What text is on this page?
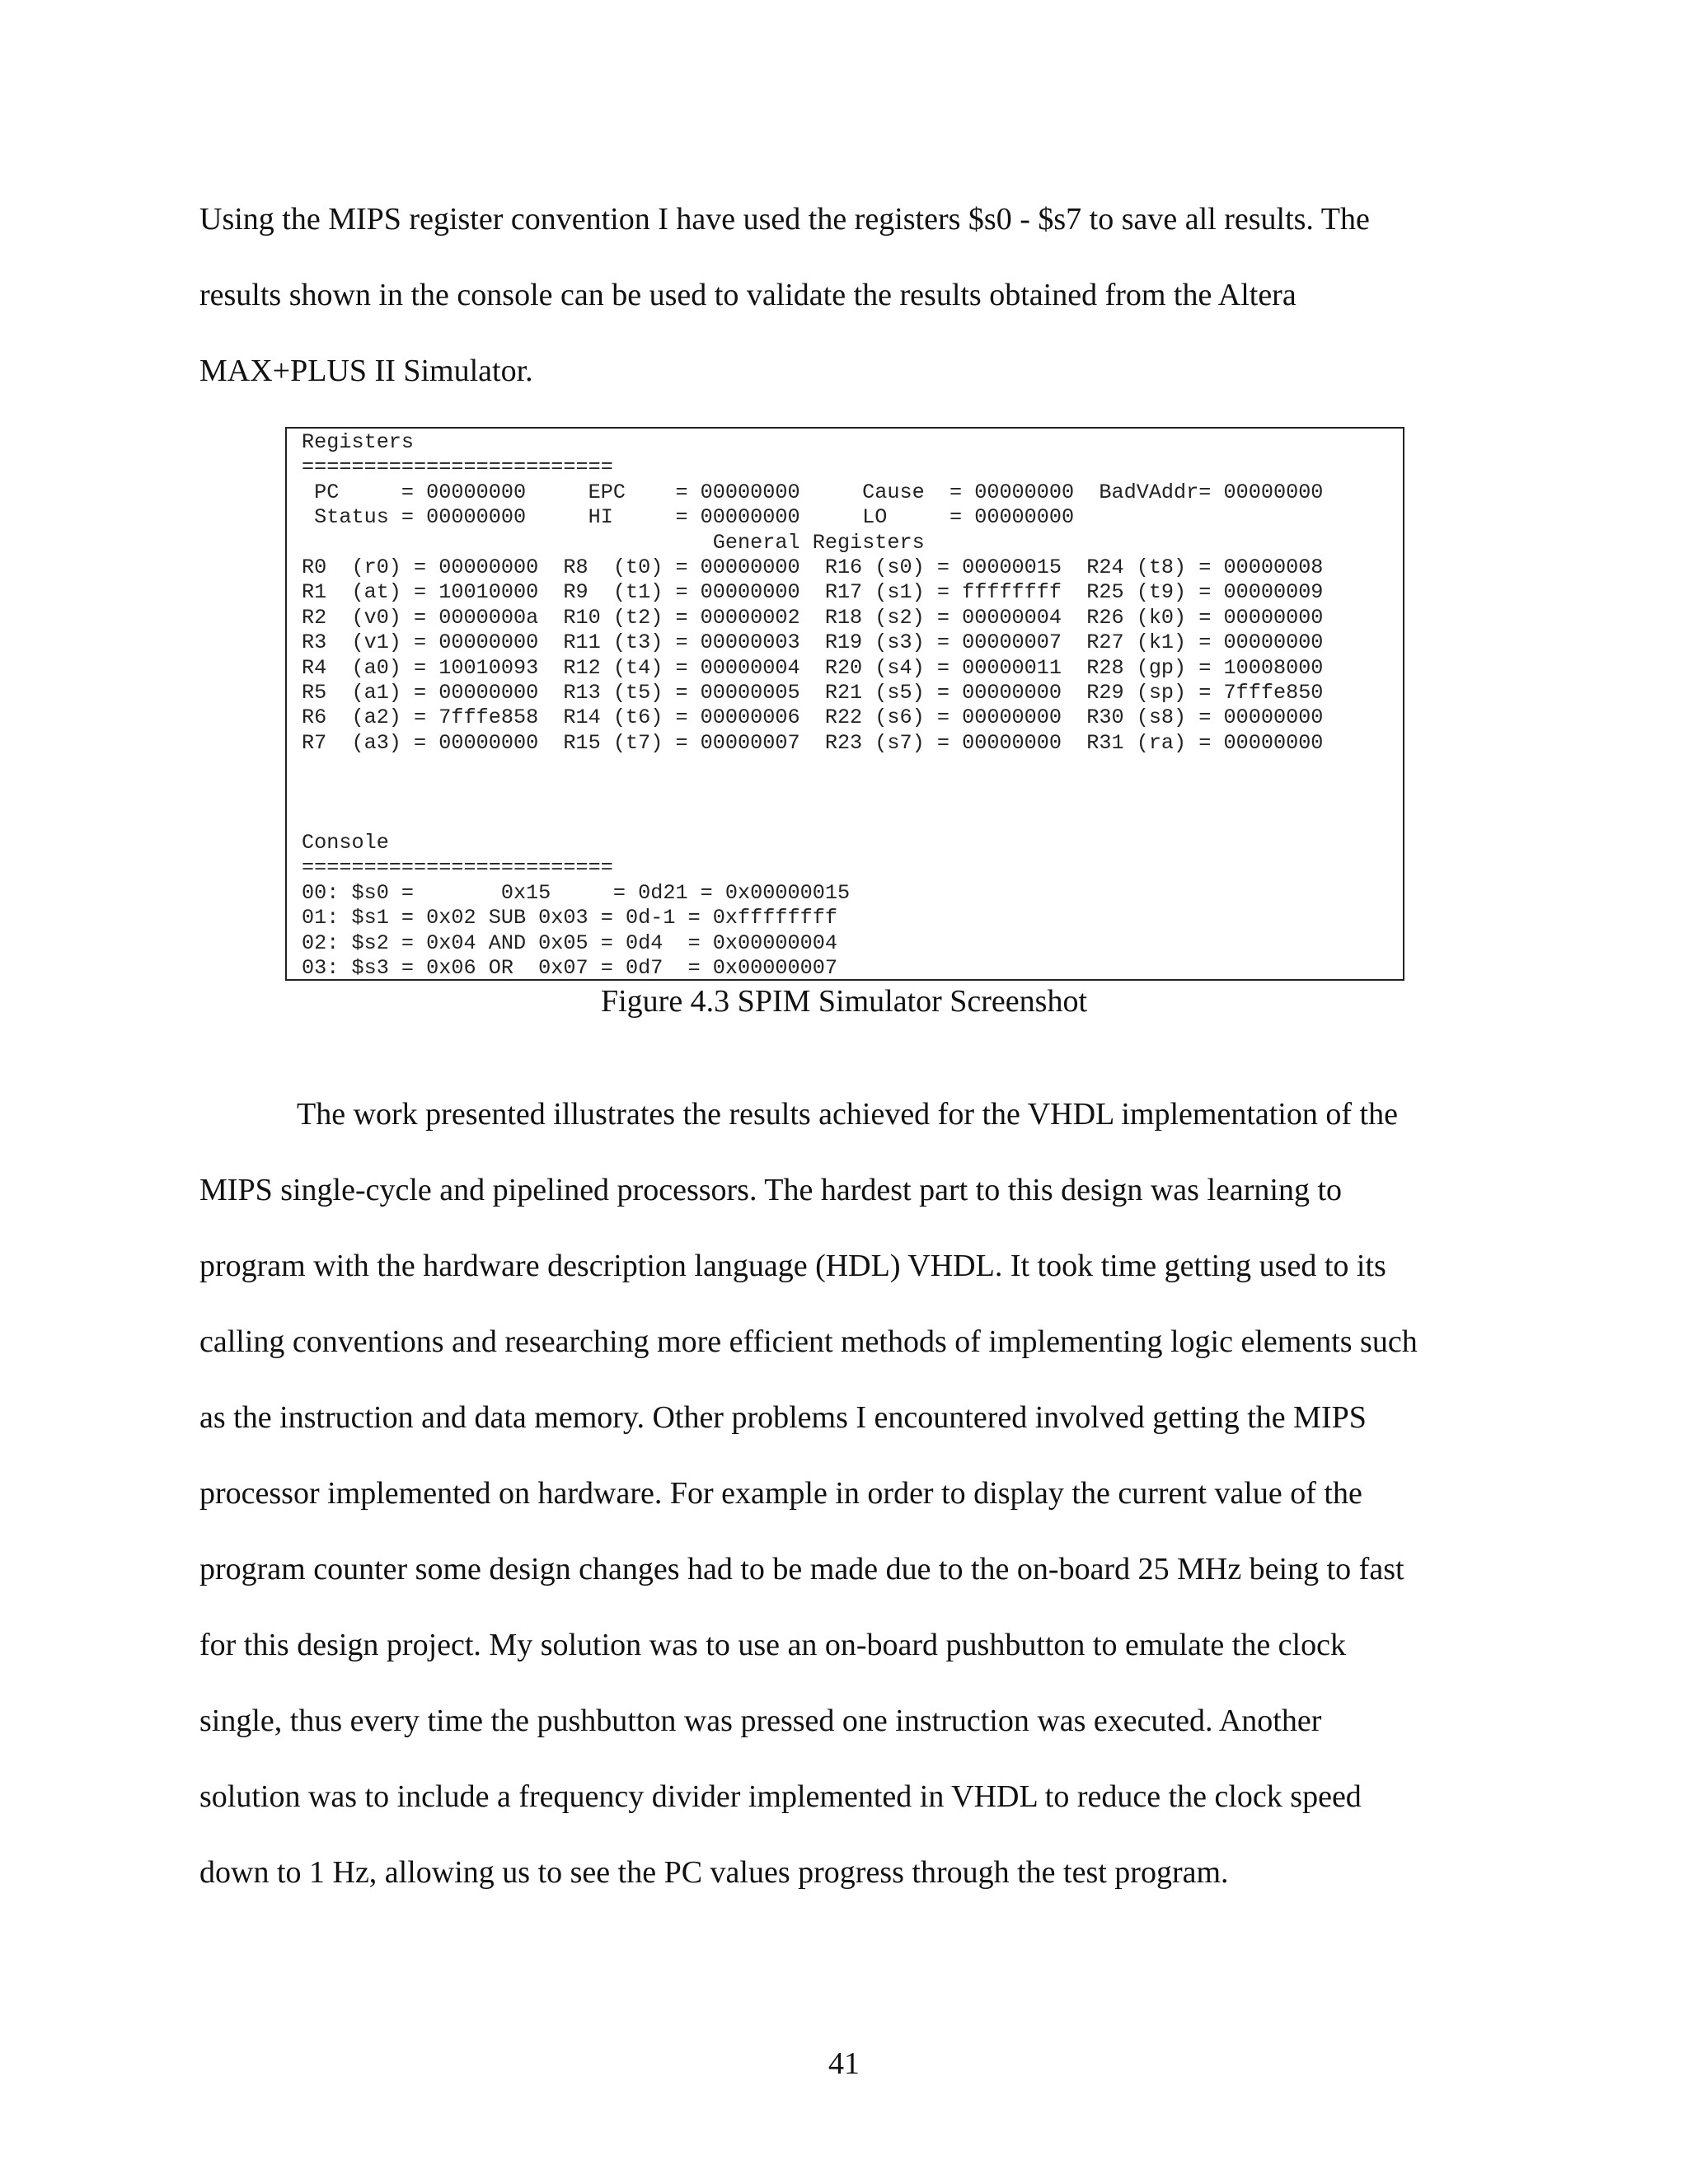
Using the MIPS register convention I have used the registers $s0 - $s7 to save all results. The
results shown in the console can be used to validate the results obtained from the Altera
MAX+PLUS II Simulator.
Registers
=========================
PC     = 00000000     EPC    = 00000000     Cause  = 00000000  BadVAddr= 00000000
Status = 00000000     HI     = 00000000     LO     = 00000000
General Registers
R0  (r0) = 00000000  R8  (t0) = 00000000  R16 (s0) = 00000015  R24 (t8) = 00000008
R1  (at) = 10010000  R9  (t1) = 00000000  R17 (s1) = ffffffff  R25 (t9) = 00000009
R2  (v0) = 0000000a  R10 (t2) = 00000002  R18 (s2) = 00000004  R26 (k0) = 00000000
R3  (v1) = 00000000  R11 (t3) = 00000003  R19 (s3) = 00000007  R27 (k1) = 00000000
R4  (a0) = 10010093  R12 (t4) = 00000004  R20 (s4) = 00000011  R28 (gp) = 10008000
R5  (a1) = 00000000  R13 (t5) = 00000005  R21 (s5) = 00000000  R29 (sp) = 7fffe850
R6  (a2) = 7fffe858  R14 (t6) = 00000006  R22 (s6) = 00000000  R30 (s8) = 00000000
R7  (a3) = 00000000  R15 (t7) = 00000007  R23 (s7) = 00000000  R31 (ra) = 00000000
Console
=========================
00: $s0 =       0x15     = 0d21 = 0x00000015
01: $s1 = 0x02 SUB 0x03 = 0d-1 = 0xffffffff
02: $s2 = 0x04 AND 0x05 = 0d4  = 0x00000004
03: $s3 = 0x06 OR  0x07 = 0d7  = 0x00000007

Figure 4.3 SPIM Simulator Screenshot
The work presented illustrates the results achieved for the VHDL implementation of the
MIPS single-cycle and pipelined processors. The hardest part to this design was learning to
program with the hardware description language (HDL) VHDL. It took time getting used to its
calling conventions and researching more efficient methods of implementing logic elements such
as the instruction and data memory. Other problems I encountered involved getting the MIPS
processor implemented on hardware. For example in order to display the current value of the
program counter some design changes had to be made due to the on-board 25 MHz being to fast
for this design project. My solution was to use an on-board pushbutton to emulate the clock
single, thus every time the pushbutton was pressed one instruction was executed. Another
solution was to include a frequency divider implemented in VHDL to reduce the clock speed
down to 1 Hz, allowing us to see the PC values progress through the test program.
41
